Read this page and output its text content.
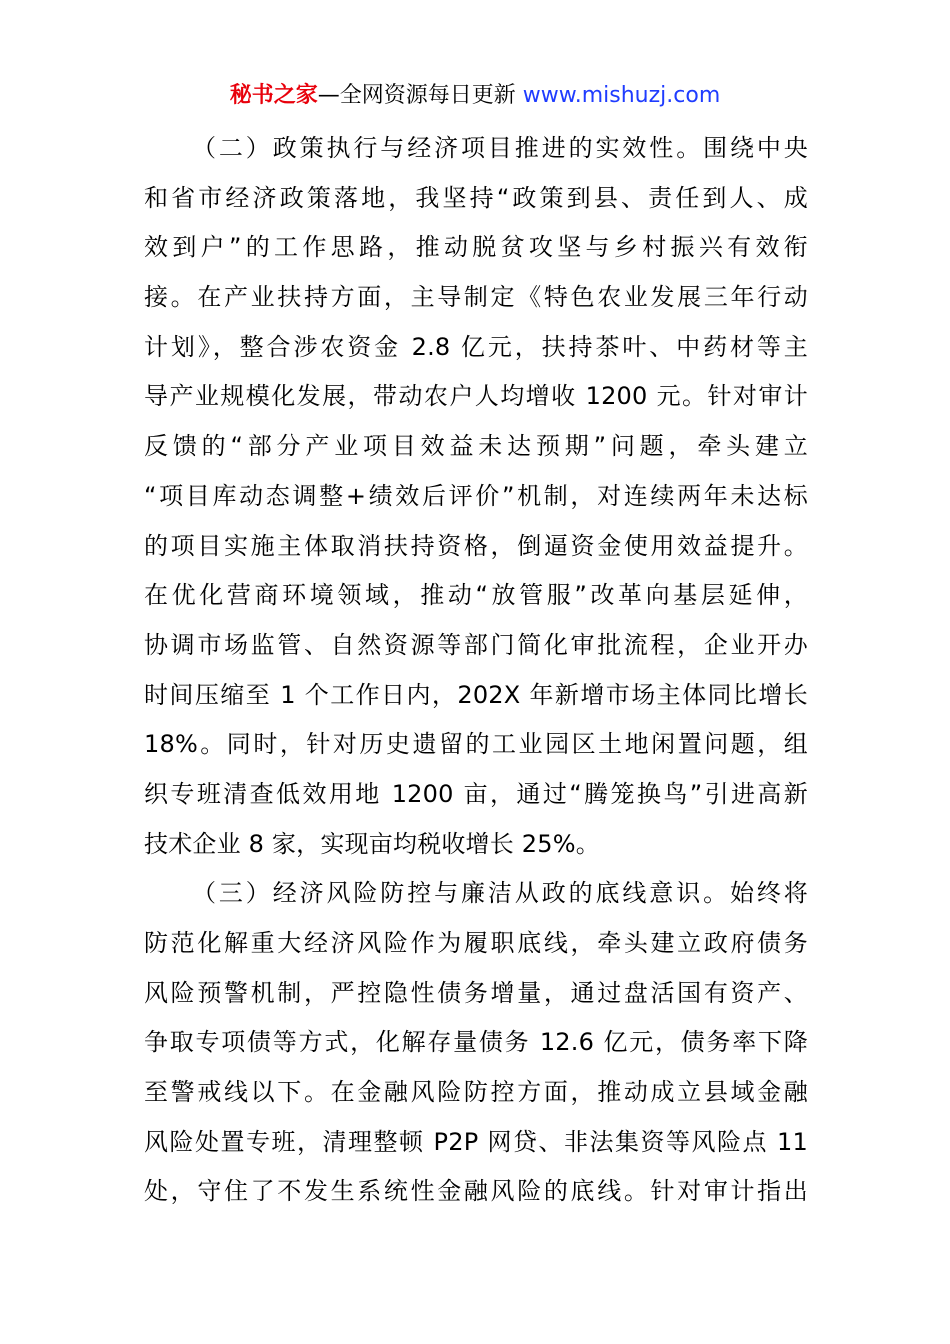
秘书之家—全网资源每日更新 www.mishuzj.com
（二）政策执行与经济项目推进的实效性。围绕中央
和省市经济政策落地，我坚持“政策到县、责任到人、成
效到户”的工作思路，推动脱贫攻坚与乡村振兴有效衔
接。在产业扶持方面，主导制定《特色农业发展三年行动
计划》，整合涉农资金 2.8 亿元，扶持茶叶、中药材等主
导产业规模化发展，带动农户人均增收 1200 元。针对审计
反馈的“部分产业项目效益未达预期”问题，牵头建立
“项目库动态调整+绩效后评价”机制，对连续两年未达标
的项目实施主体取消扶持资格，倒逼资金使用效益提升。
在优化营商环境领域，推动“放管服”改革向基层延伸，
协调市场监管、自然资源等部门简化审批流程，企业开办
时间压缩至 1 个工作日内，202X 年新增市场主体同比增长
18%。同时，针对历史遗留的工业园区土地闲置问题，组
织专班清查低效用地 1200 亩，通过“腾笼换鸟”引进高新
技术企业 8 家，实现亩均税收增长 25%。
（三）经济风险防控与廉洁从政的底线意识。始终将
防范化解重大经济风险作为履职底线，牵头建立政府债务
风险预警机制，严控隐性债务增量，通过盘活国有资产、
争取专项债等方式，化解存量债务 12.6 亿元，债务率下降
至警戒线以下。在金融风险防控方面，推动成立县域金融
风险处置专班，清理整顿 P2P 网贷、非法集资等风险点 11
处，守住了不发生系统性金融风险的底线。针对审计指出
